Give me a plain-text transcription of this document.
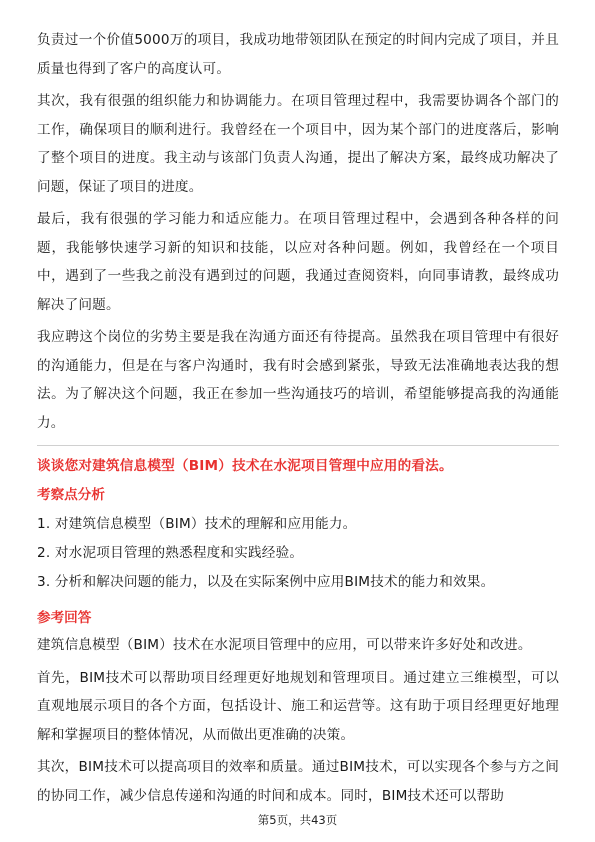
负责过一个价值5000万的项目，我成功地带领团队在预定的时间内完成了项目，并且质量也得到了客户的高度认可。

其次，我有很强的组织能力和协调能力。在项目管理过程中，我需要协调各个部门的工作，确保项目的顺利进行。我曾经在一个项目中，因为某个部门的进度落后，影响了整个项目的进度。我主动与该部门负责人沟通，提出了解决方案，最终成功解决了问题，保证了项目的进度。

最后，我有很强的学习能力和适应能力。在项目管理过程中，会遇到各种各样的问题，我能够快速学习新的知识和技能，以应对各种问题。例如，我曾经在一个项目中，遇到了一些我之前没有遇到过的问题，我通过查阅资料，向同事请教，最终成功解决了问题。

我应聘这个岗位的劣势主要是我在沟通方面还有待提高。虽然我在项目管理中有很好的沟通能力，但是在与客户沟通时，我有时会感到紧张，导致无法准确地表达我的想法。为了解决这个问题，我正在参加一些沟通技巧的培训，希望能够提高我的沟通能力。

谈谈您对建筑信息模型（BIM）技术在水泥项目管理中应用的看法。

考察点分析

1. 对建筑信息模型（BIM）技术的理解和应用能力。
2. 对水泥项目管理的熟悉程度和实践经验。
3. 分析和解决问题的能力，以及在实际案例中应用BIM技术的能力和效果。

参考回答

建筑信息模型（BIM）技术在水泥项目管理中的应用，可以带来许多好处和改进。

首先，BIM技术可以帮助项目经理更好地规划和管理项目。通过建立三维模型，可以直观地展示项目的各个方面，包括设计、施工和运营等。这有助于项目经理更好地理解和掌握项目的整体情况，从而做出更准确的决策。

其次，BIM技术可以提高项目的效率和质量。通过BIM技术，可以实现各个参与方之间的协同工作，减少信息传递和沟通的时间和成本。同时，BIM技术还可以帮助

第5页，共43页
